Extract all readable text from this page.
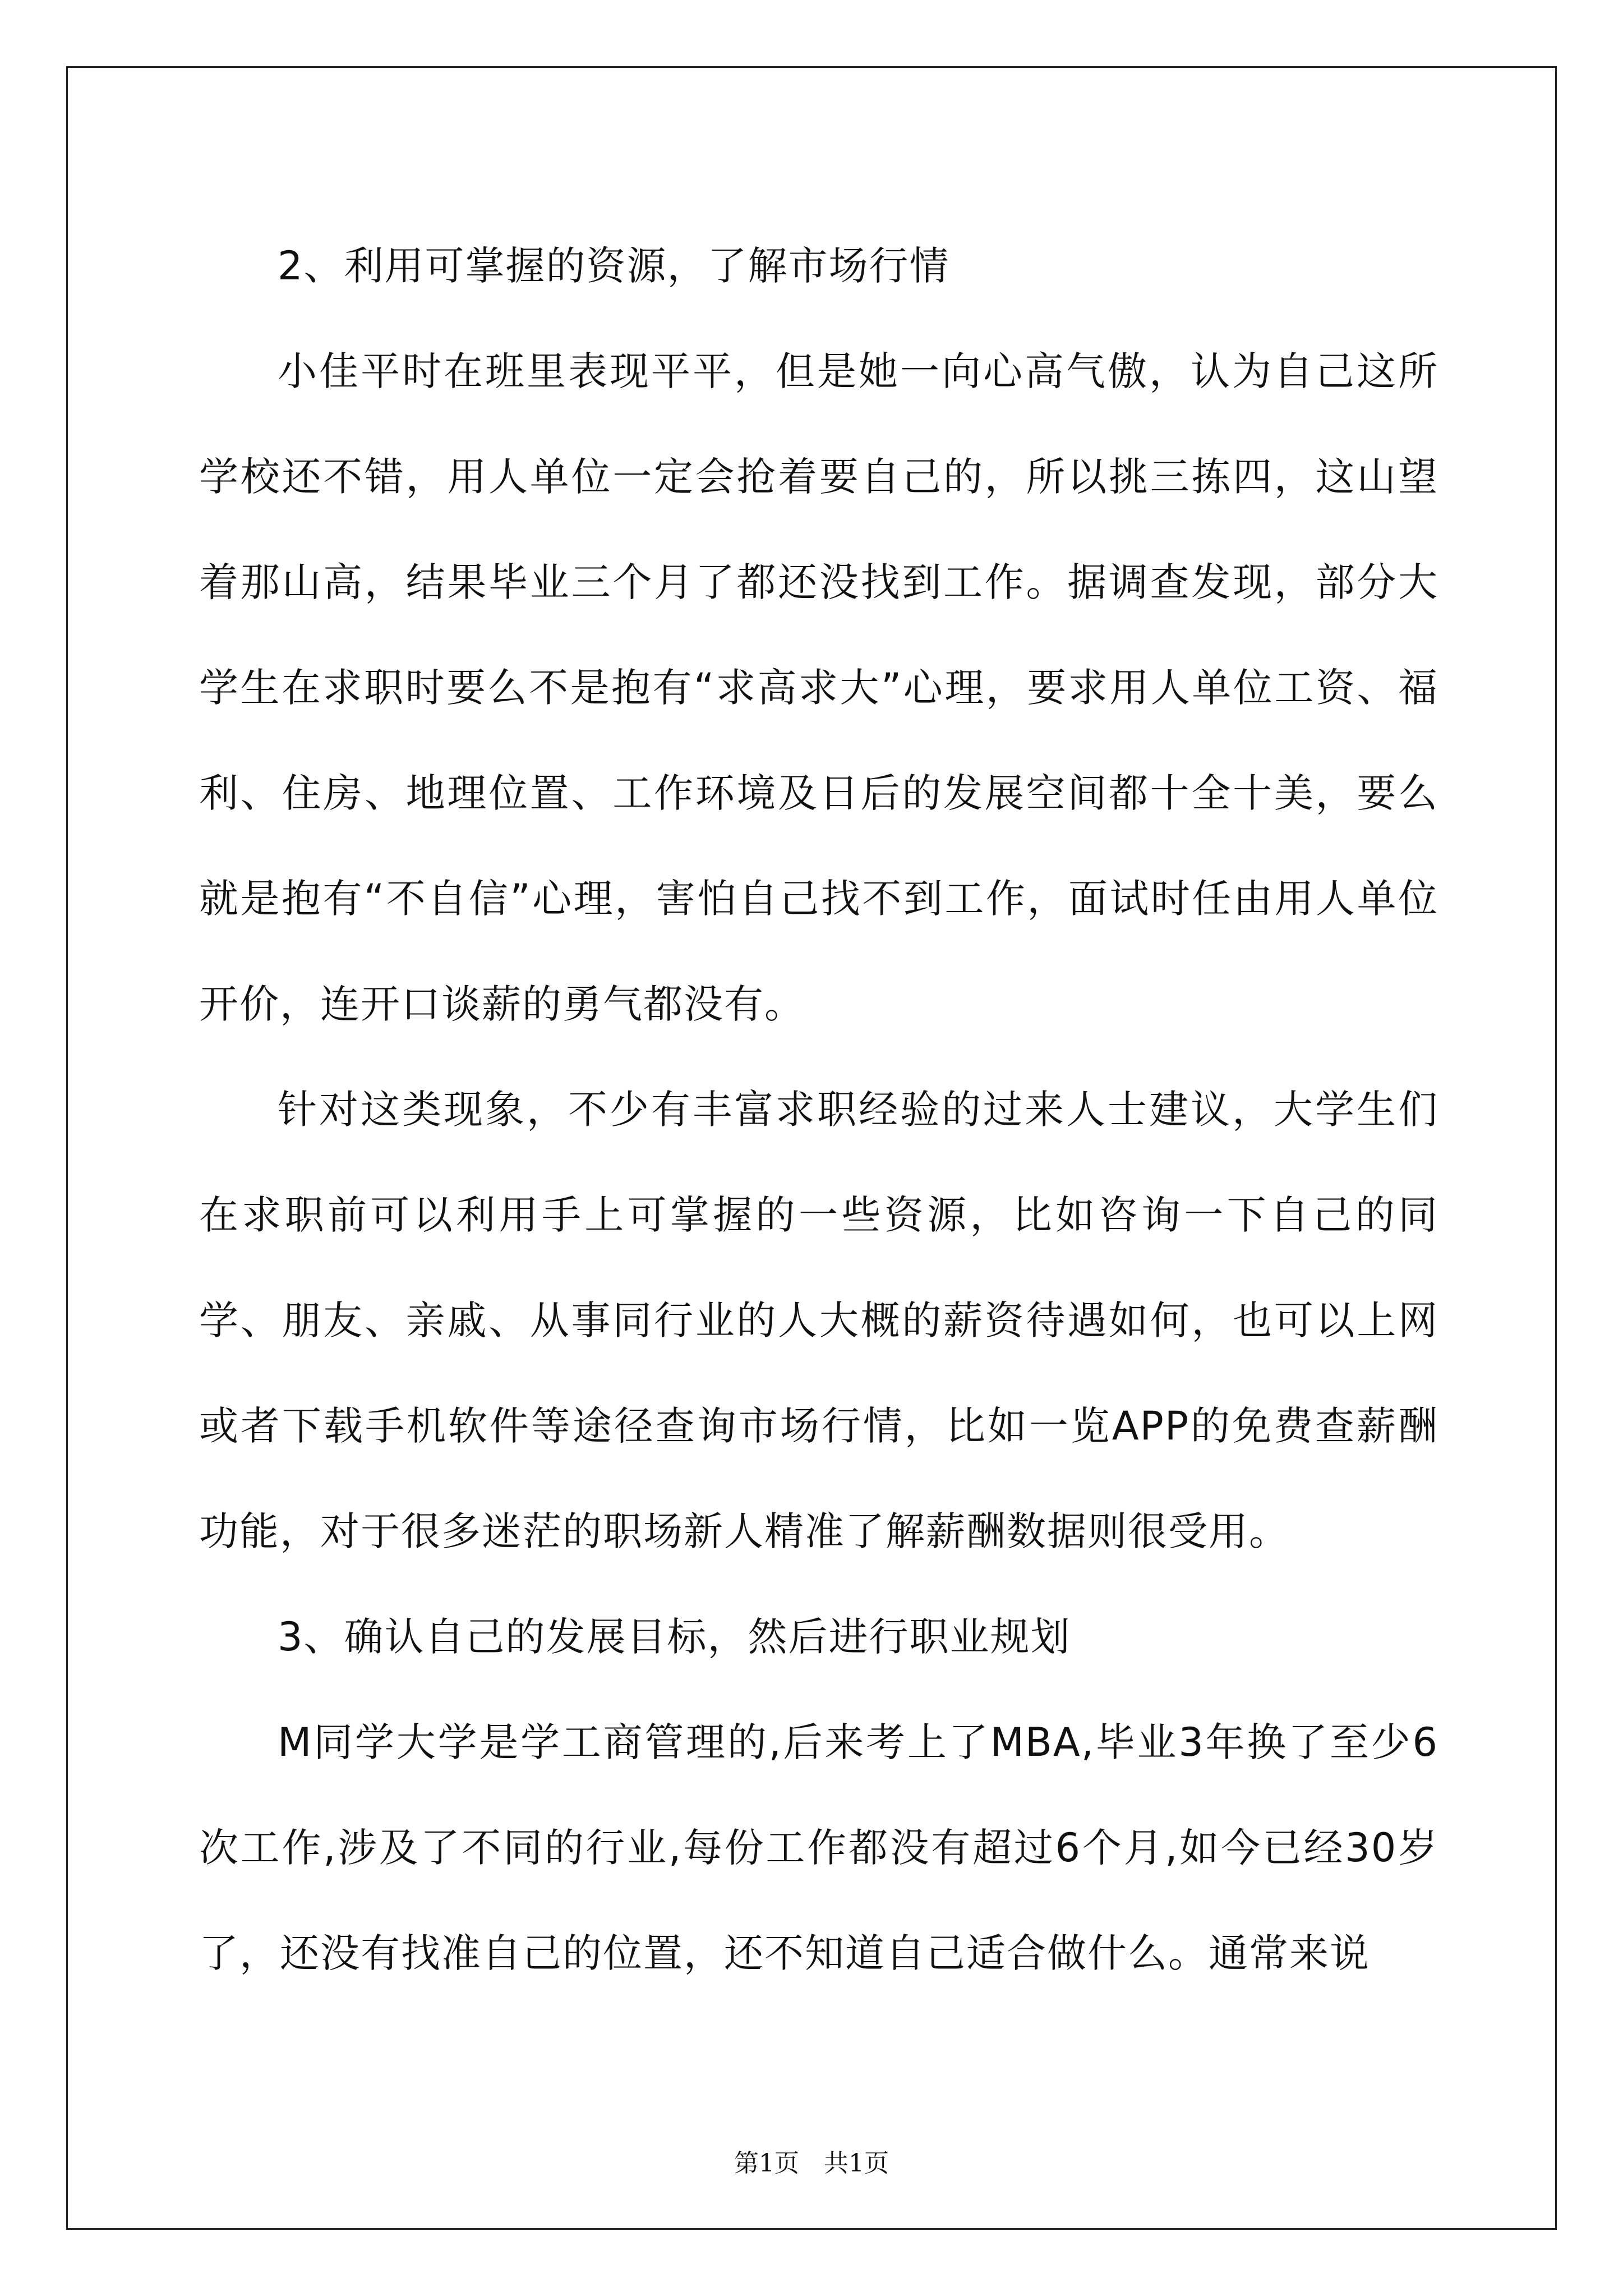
2、利用可掌握的资源，了解市场行情

小佳平时在班里表现平平，但是她一向心高气傲，认为自己这所学校还不错，用人单位一定会抢着要自己的，所以挑三拣四，这山望着那山高，结果毕业三个月了都还没找到工作。据调查发现，部分大学生在求职时要么不是抱有“求高求大”心理，要求用人单位工资、福利、住房、地理位置、工作环境及日后的发展空间都十全十美，要么就是抱有“不自信”心理，害怕自己找不到工作，面试时任由用人单位开价，连开口谈薪的勇气都没有。

针对这类现象，不少有丰富求职经验的过来人士建议，大学生们在求职前可以利用手上可掌握的一些资源，比如咨询一下自己的同学、朋友、亲戚、从事同行业的人大概的薪资待遇如何，也可以上网或者下载手机软件等途径查询市场行情，比如一览APP的免费查薪酬功能，对于很多迷茫的职场新人精准了解薪酬数据则很受用。

3、确认自己的发展目标，然后进行职业规划

M同学大学是学工商管理的,后来考上了MBA,毕业3年换了至少6次工作,涉及了不同的行业,每份工作都没有超过6个月,如今已经30岁了，还没有找准自己的位置，还不知道自己适合做什么。通常来说

第1页　共1页
